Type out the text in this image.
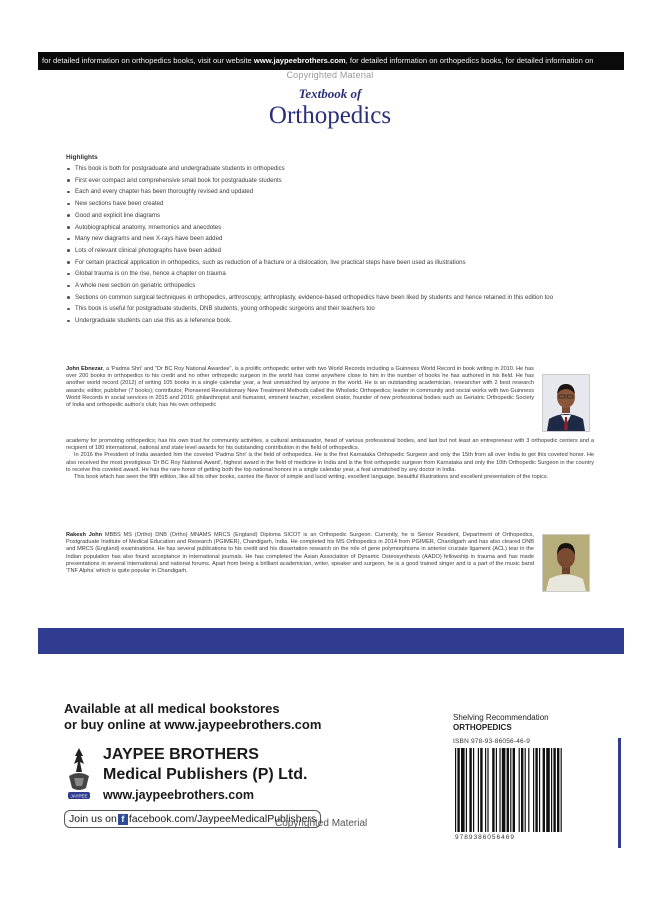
for detailed information on orthopedics books, visit our website www.jaypeebrothers.com, for detailed information on orthopedics books, for detailed information on
Copyrighted Material
Textbook of
Orthopedics
Highlights
This book is both for postgraduate and undergraduate students in orthopedics
First ever compact and comprehensive small book for postgraduate students
Each and every chapter has been thoroughly revised and updated
New sections have been created
Good and explicit line diagrams
Autobiographical anatomy, mnemonics and anecdotes
Many new diagrams and new X-rays have been added
Lots of relevant clinical photographs have been added
For certain practical application in orthopedics, such as reduction of a fracture or a dislocation, live practical steps have been used as illustrations
Global trauma is on the rise, hence a chapter on trauma
A whole new section on geriatric orthopedics
Sections on common surgical techniques in orthopedics, arthroscopy, arthroplasty, evidence-based orthopedics have been liked by students and hence retained in this edition too
This book is useful for postgraduate students, DNB students, young orthopedic surgeons and their teachers too
Undergraduate students can use this as a reference book.

John Ebnezar, a 'Padma Shri' and "Dr BC Roy National Awardee", is a prolific orthopedic writer with two World Records including a Guinness World Record in book writing in 2010. He has over 200 books in orthopedics to his credit and no other orthopedic surgeon in the world has come anywhere close to him in the number of books he has authored in his field. He has another world record (2012) of writing 105 books in a single calendar year, a feat unmatched by anyone in the world. He is an outstanding academician, researcher with 2 best research awards; editor, publisher (7 books); contributor, Pionsered Revolutionary New Treatment Methods called the Wholistic Orthopedics; leader in community and social works with two Guinness World Records in social services in 2015 and 2016; philanthropist and humanist, eminent teacher, excellent orator, founder of new professional bodies such as Geriatric Orthopedic Society of India and orthopedic author's club; has his own orthopedic

academy for promoting orthopedics; has his own trust for community activities, a cultural ambassador, head of various professional bodies, and last but not least an entrepreneur with 3 orthopedic centers and a recipient of 180 international, national and state level awards for his outstanding contribution in the field of orthopedics.

In 2016 the President of India awarded him the coveted 'Padma Shri' is the field of orthopedics. He is the first Karnataka Orthopedic Surgeon and only the 15th from all over India to get this coveted honor. He also received the most prestigious 'Dr BC Roy National Award', highest award in the field of medicine in India and is the first orthopedic surgeon from Karnataka and only the 10th Orthopedic Surgeon in the country to receive this coveted award. He has the rare honor of getting both the top national honors in a single calendar year, a feat unmatched by any doctor in India.

This book which has seen the fifth edition, like all his other books, carries the flavor of simple and lucid writing, excellent language, beautiful illustrations and excellent presentation of the topics.

Rakesh John MBBS MS (Ortho) DNB (Ortho) MNAMS MRCS (England) Diploma SICOT is an Orthopedic Surgeon. Currently, he is Senior Resident, Department of Orthopedics, Postgraduate Institute of Medical Education and Research (PGIMER), Chandigarh, India. He completed his MS Orthopedics in 2014 from PGIMER, Chandigarh and has also cleared DNB and MRCS (England) examinations. He has several publications to his credit and his dissertation research on the role of gene polymorphisms in anterior cruciate ligament (ACL) tear in the Indian population has also found acceptance in international journals. He has completed the Asian Association of Dynamic Osteosynthesis (AADO) fellowship in trauma and has made presentations in several international and national forums. Apart from being a brilliant academician, writer, speaker and surgeon, he is a good trained singer and is a part of the music band 'TNF Alpha' which is quite popular in Chandigarh.

Available at all medical bookstores
or buy online at www.jaypeebrothers.com
JAYPEE
JAYPEE BROTHERS
Medical Publishers (P) Ltd.
www.jaypeebrothers.com
Join us on f facebook.com/JaypeeMedicalPublishers
Copyrighted Material
Shelving Recommendation
ORTHOPEDICS
ISBN 978-93-86056-46-9
9789386056469
